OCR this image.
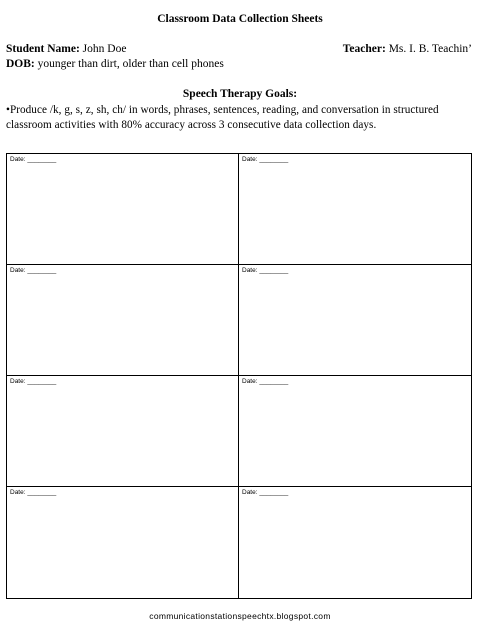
Classroom Data Collection Sheets
Student Name: John Doe	Teacher: Ms. I. B. Teachin’
DOB: younger than dirt, older than cell phones
Speech Therapy Goals:
•Produce /k, g, s, z, sh, ch/ in words, phrases, sentences, reading, and conversation in structured classroom activities with 80% accuracy across 3 consecutive data collection days.
Date: ________	Date: ________
Date: ________	Date: ________
Date: ________	Date: ________
Date: ________	Date: ________
communicationstationspeechtx.blogspot.com
